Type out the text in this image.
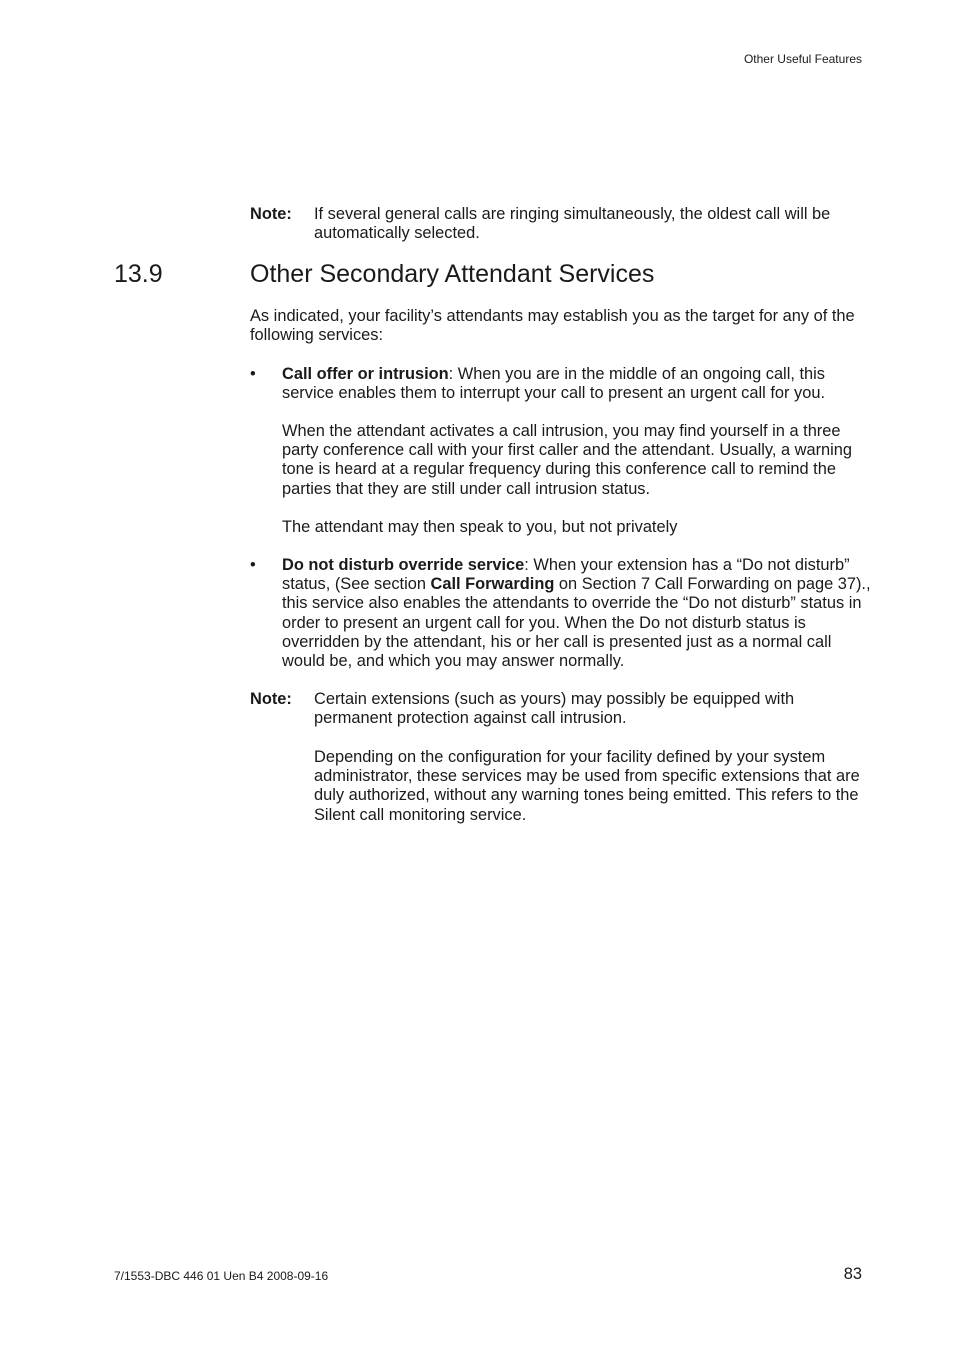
Other Useful Features
Note: If several general calls are ringing simultaneously, the oldest call will be automatically selected.
13.9	Other Secondary Attendant Services
As indicated, your facility’s attendants may establish you as the target for any of the following services:
• Call offer or intrusion: When you are in the middle of an ongoing call, this service enables them to interrupt your call to present an urgent call for you.
When the attendant activates a call intrusion, you may find yourself in a three party conference call with your first caller and the attendant. Usually, a warning tone is heard at a regular frequency during this conference call to remind the parties that they are still under call intrusion status.
The attendant may then speak to you, but not privately
• Do not disturb override service: When your extension has a “Do not disturb” status, (See section Call Forwarding on Section 7 Call Forwarding on page 37)., this service also enables the attendants to override the “Do not disturb” status in order to present an urgent call for you. When the Do not disturb status is overridden by the attendant, his or her call is presented just as a normal call would be, and which you may answer normally.
Note: Certain extensions (such as yours) may possibly be equipped with permanent protection against call intrusion.
Depending on the configuration for your facility defined by your system administrator, these services may be used from specific extensions that are duly authorized, without any warning tones being emitted. This refers to the Silent call monitoring service.
7/1553-DBC 446 01 Uen B4 2008-09-16	83
